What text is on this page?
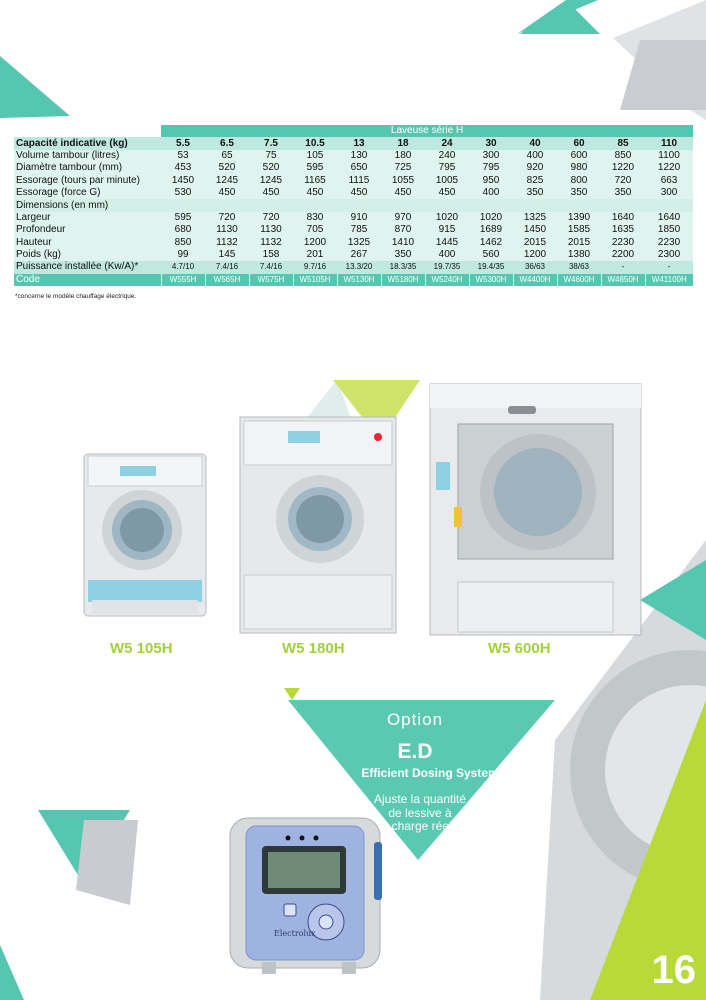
	Laveuse série H											
Capacité indicative (kg)	5.5	6.5	7.5	10.5	13	18	24	30	40	60	85	110
Volume tambour (litres)	53	65	75	105	130	180	240	300	400	600	850	1100
Diamètre tambour (mm)	453	520	520	595	650	725	795	795	920	980	1220	1220
Essorage (tours par minute)	1450	1245	1245	1165	1115	1055	1005	950	825	800	720	663
Essorage (force G)	530	450	450	450	450	450	450	400	350	350	350	300
Dimensions (en mm)												
Largeur	595	720	720	830	910	970	1020	1020	1325	1390	1640	1640
Profondeur	680	1130	1130	705	785	870	915	1689	1450	1585	1635	1850
Hauteur	850	1132	1132	1200	1325	1410	1445	1462	2015	2015	2230	2230
Poids (kg)	99	145	158	201	267	350	400	560	1200	1380	2200	2300
Puissance installée (Kw/A)*	4.7/10	7.4/16	7.4/16	9.7/16	13.3/20	18.3/35	19.7/35	19.4/35	36/63	38/63	-	-
Code	W555H	W565H	W575H	W5105H	W5130H	W5180H	W5240H	W5300H	W4400H	W4600H	W4850H	W41100H
*concerne le modèle chauffage électrique.
W5 105H	W5 180H	W5 600H
Option
E.D
Efficient Dosing System
Ajuste la quantité
de lessive à
la charge réelle
Electrolux
16
